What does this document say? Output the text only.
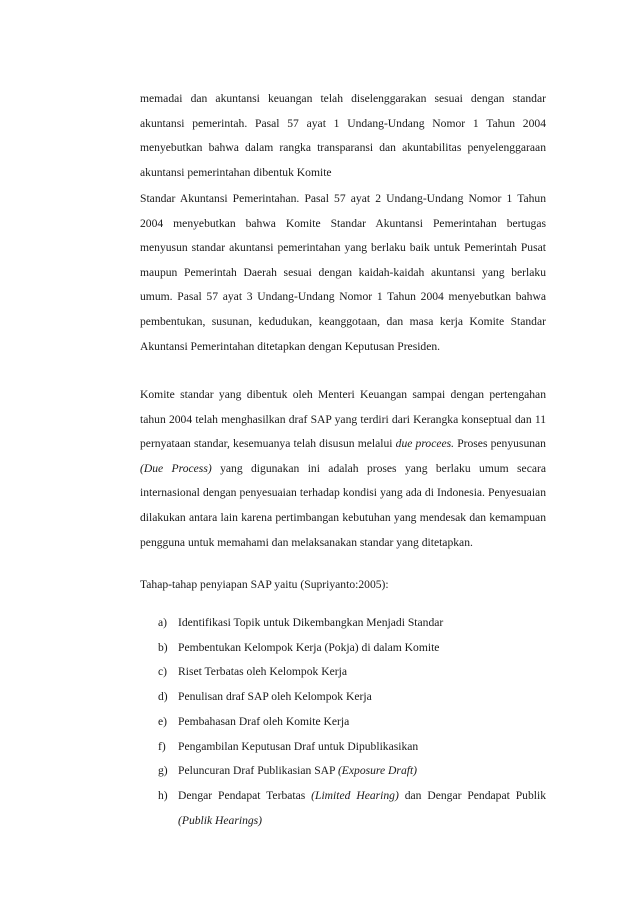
memadai dan akuntansi keuangan telah diselenggarakan sesuai dengan standar akuntansi pemerintah. Pasal 57 ayat 1 Undang-Undang Nomor 1 Tahun 2004 menyebutkan bahwa dalam rangka transparansi dan akuntabilitas penyelenggaraan akuntansi pemerintahan dibentuk Komite

Standar Akuntansi Pemerintahan. Pasal 57 ayat 2 Undang-Undang Nomor 1 Tahun 2004 menyebutkan bahwa Komite Standar Akuntansi Pemerintahan bertugas menyusun standar akuntansi pemerintahan yang berlaku baik untuk Pemerintah Pusat maupun Pemerintah Daerah sesuai dengan kaidah-kaidah akuntansi yang berlaku umum. Pasal 57 ayat 3 Undang-Undang Nomor 1 Tahun 2004 menyebutkan bahwa pembentukan, susunan, kedudukan, keanggotaan, dan masa kerja Komite Standar Akuntansi Pemerintahan ditetapkan dengan Keputusan Presiden.

Komite standar yang dibentuk oleh Menteri Keuangan sampai dengan pertengahan tahun 2004 telah menghasilkan draf SAP yang terdiri dari Kerangka konseptual dan 11 pernyataan standar, kesemuanya telah disusun melalui due procees. Proses penyusunan (Due Process) yang digunakan ini adalah proses yang berlaku umum secara internasional dengan penyesuaian terhadap kondisi yang ada di Indonesia. Penyesuaian dilakukan antara lain karena pertimbangan kebutuhan yang mendesak dan kemampuan pengguna untuk memahami dan melaksanakan standar yang ditetapkan.

Tahap-tahap penyiapan SAP yaitu (Supriyanto:2005):

a) Identifikasi Topik untuk Dikembangkan Menjadi Standar
b) Pembentukan Kelompok Kerja (Pokja) di dalam Komite
c) Riset Terbatas oleh Kelompok Kerja
d) Penulisan draf SAP oleh Kelompok Kerja
e) Pembahasan Draf oleh Komite Kerja
f) Pengambilan Keputusan Draf untuk Dipublikasikan
g) Peluncuran Draf Publikasian SAP (Exposure Draft)
h) Dengar Pendapat Terbatas (Limited Hearing) dan Dengar Pendapat Publik (Publik Hearings)
